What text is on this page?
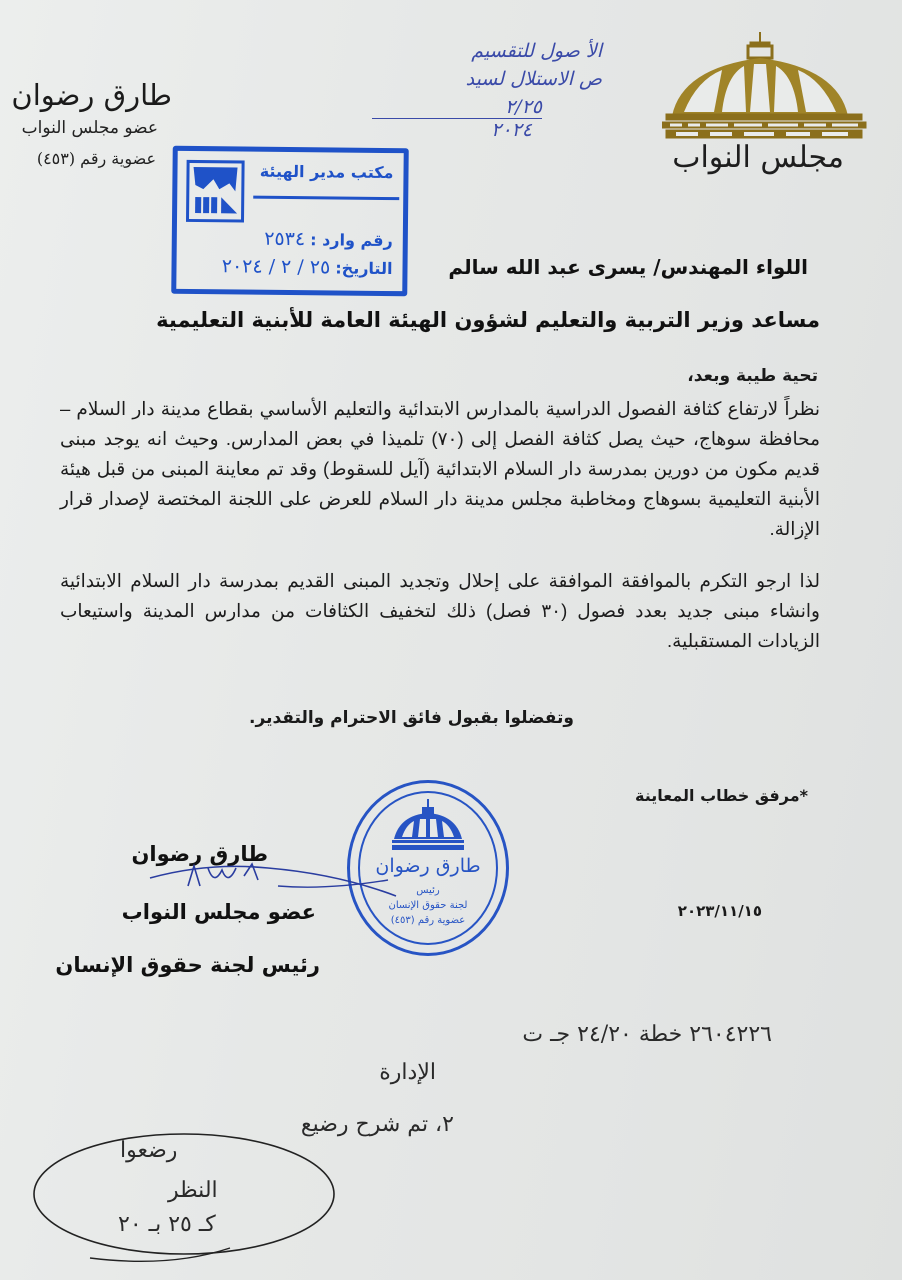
طارق رضوان
عضو مجلس النواب
عضوية رقم (٤٥٣)	مجلس النواب
الأ صول للتقسيم
ص الاستلال لسيد
٢/٢٥
٢٠٢٤
مكتب مدير الهيئة
رقم وارد : ٢٥٣٤
التاريخ: ٢٥ / ٢ / ٢٠٢٤	اللواء المهندس/ يسرى عبد الله سالم
مساعد وزير التربية والتعليم لشؤون الهيئة العامة للأبنية التعليمية
تحية طيبة وبعد،
نظراً لارتفاع كثافة الفصول الدراسية بالمدارس الابتدائية والتعليم الأساسي بقطاع مدينة دار السلام – محافظة سوهاج، حيث يصل كثافة الفصل إلى (٧٠) تلميذا في بعض المدارس. وحيث انه يوجد مبنى قديم مكون من دورين بمدرسة دار السلام الابتدائية (آيل للسقوط) وقد تم معاينة المبنى من قبل هيئة الأبنية التعليمية بسوهاج ومخاطبة مجلس مدينة دار السلام للعرض على اللجنة المختصة لإصدار قرار الإزالة.
لذا ارجو التكرم بالموافقة الموافقة على إحلال وتجديد المبنى القديم بمدرسة دار السلام الابتدائية وانشاء مبنى جديد بعدد فصول (٣٠ فصل) ذلك لتخفيف الكثافات من مدارس المدينة واستيعاب الزيادات المستقبلية.
وتفضلوا بقبول فائق الاحترام والتقدير.
*مرفق خطاب المعاينة
٢٠٢٣/١١/١٥
طارق رضوان
رئيس
لجنة حقوق الإنسان
عضوية رقم (٤٥٣)
طارق رضوان
عضو مجلس النواب
رئيس لجنة حقوق الإنسان
٢٦٠٤٢٢٦ خطة ٢٤/٢٠ جـ ت
الإدارة
٢، تم شرح رضيع
رضعوا
النظر
كـ ٢٥ بـ ٢٠
